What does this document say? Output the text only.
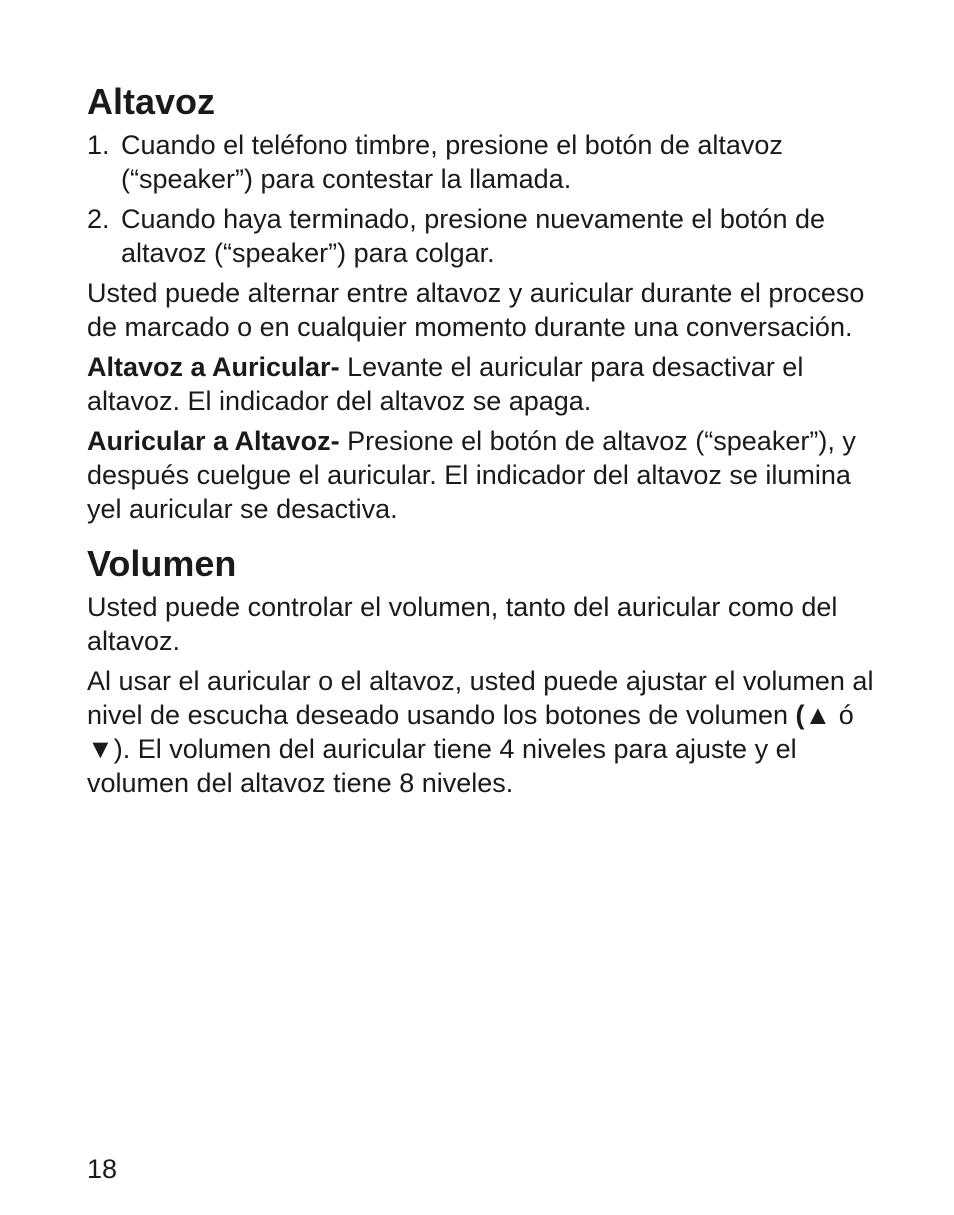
Altavoz
1. Cuando el teléfono timbre, presione el botón de altavoz (“speaker”) para contestar la llamada.
2. Cuando haya terminado, presione nuevamente el botón de altavoz (“speaker”) para colgar.

Usted puede alternar entre altavoz y auricular durante el proceso de marcado o en cualquier momento durante una conversación.

Altavoz a Auricular- Levante el auricular para desactivar el altavoz. El indicador del altavoz se apaga.

Auricular a Altavoz- Presione el botón de altavoz (“speaker”), y después cuelgue el auricular. El indicador del altavoz se ilumina yel auricular se desactiva.

Volumen

Usted puede controlar el volumen, tanto del auricular como del altavoz.

Al usar el auricular o el altavoz, usted puede ajustar el volumen al nivel de escucha deseado usando los botones de volumen (▲ ó ▼). El volumen del auricular tiene 4 niveles para ajuste y el volumen del altavoz tiene 8 niveles.

18
